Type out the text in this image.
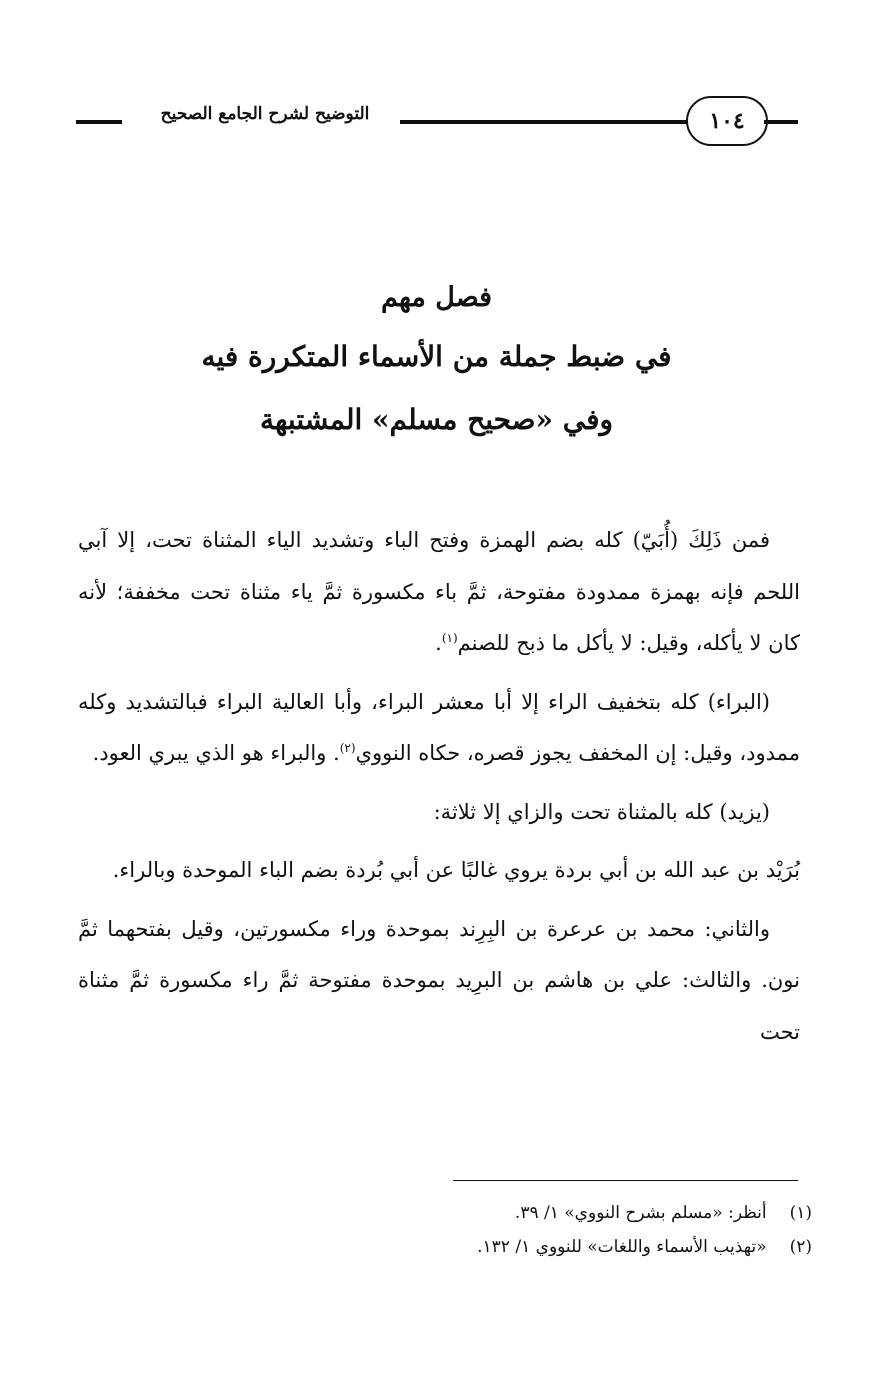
التوضيح لشرح الجامع الصحيح	١٠٤
فصل مهم
في ضبط جملة من الأسماء المتكررة فيه
وفي «صحيح مسلم» المشتبهة

فمن ذَلِكَ (أُبَيّ) كله بضم الهمزة وفتح الباء وتشديد الياء المثناة تحت، إلا آبي اللحم فإنه بهمزة ممدودة مفتوحة، ثمَّ باء مكسورة ثمَّ ياء مثناة تحت مخففة؛ لأنه كان لا يأكله، وقيل: لا يأكل ما ذبح للصنم$^{(١)}$.

(البراء) كله بتخفيف الراء إلا أبا معشر البراء، وأبا العالية البراء فبالتشديد وكله ممدود، وقيل: إن المخفف يجوز قصره، حكاه النووي$^{(٢)}$. والبراء هو الذي يبري العود.

(يزيد) كله بالمثناة تحت والزاي إلا ثلاثة:

بُرَيْد بن عبد الله بن أبي بردة يروي غالبًا عن أبي بُردة بضم الباء الموحدة وبالراء.

والثاني: محمد بن عرعرة بن البِرِند بموحدة وراء مكسورتين، وقيل بفتحهما ثمَّ نون. والثالث: علي بن هاشم بن البرِيد بموحدة مفتوحة ثمَّ راء مكسورة ثمَّ مثناة تحت

(١) أنظر: «مسلم بشرح النووي» ١/ ٣٩.
(٢) «تهذيب الأسماء واللغات» للنووي ١/ ١٣٢.
